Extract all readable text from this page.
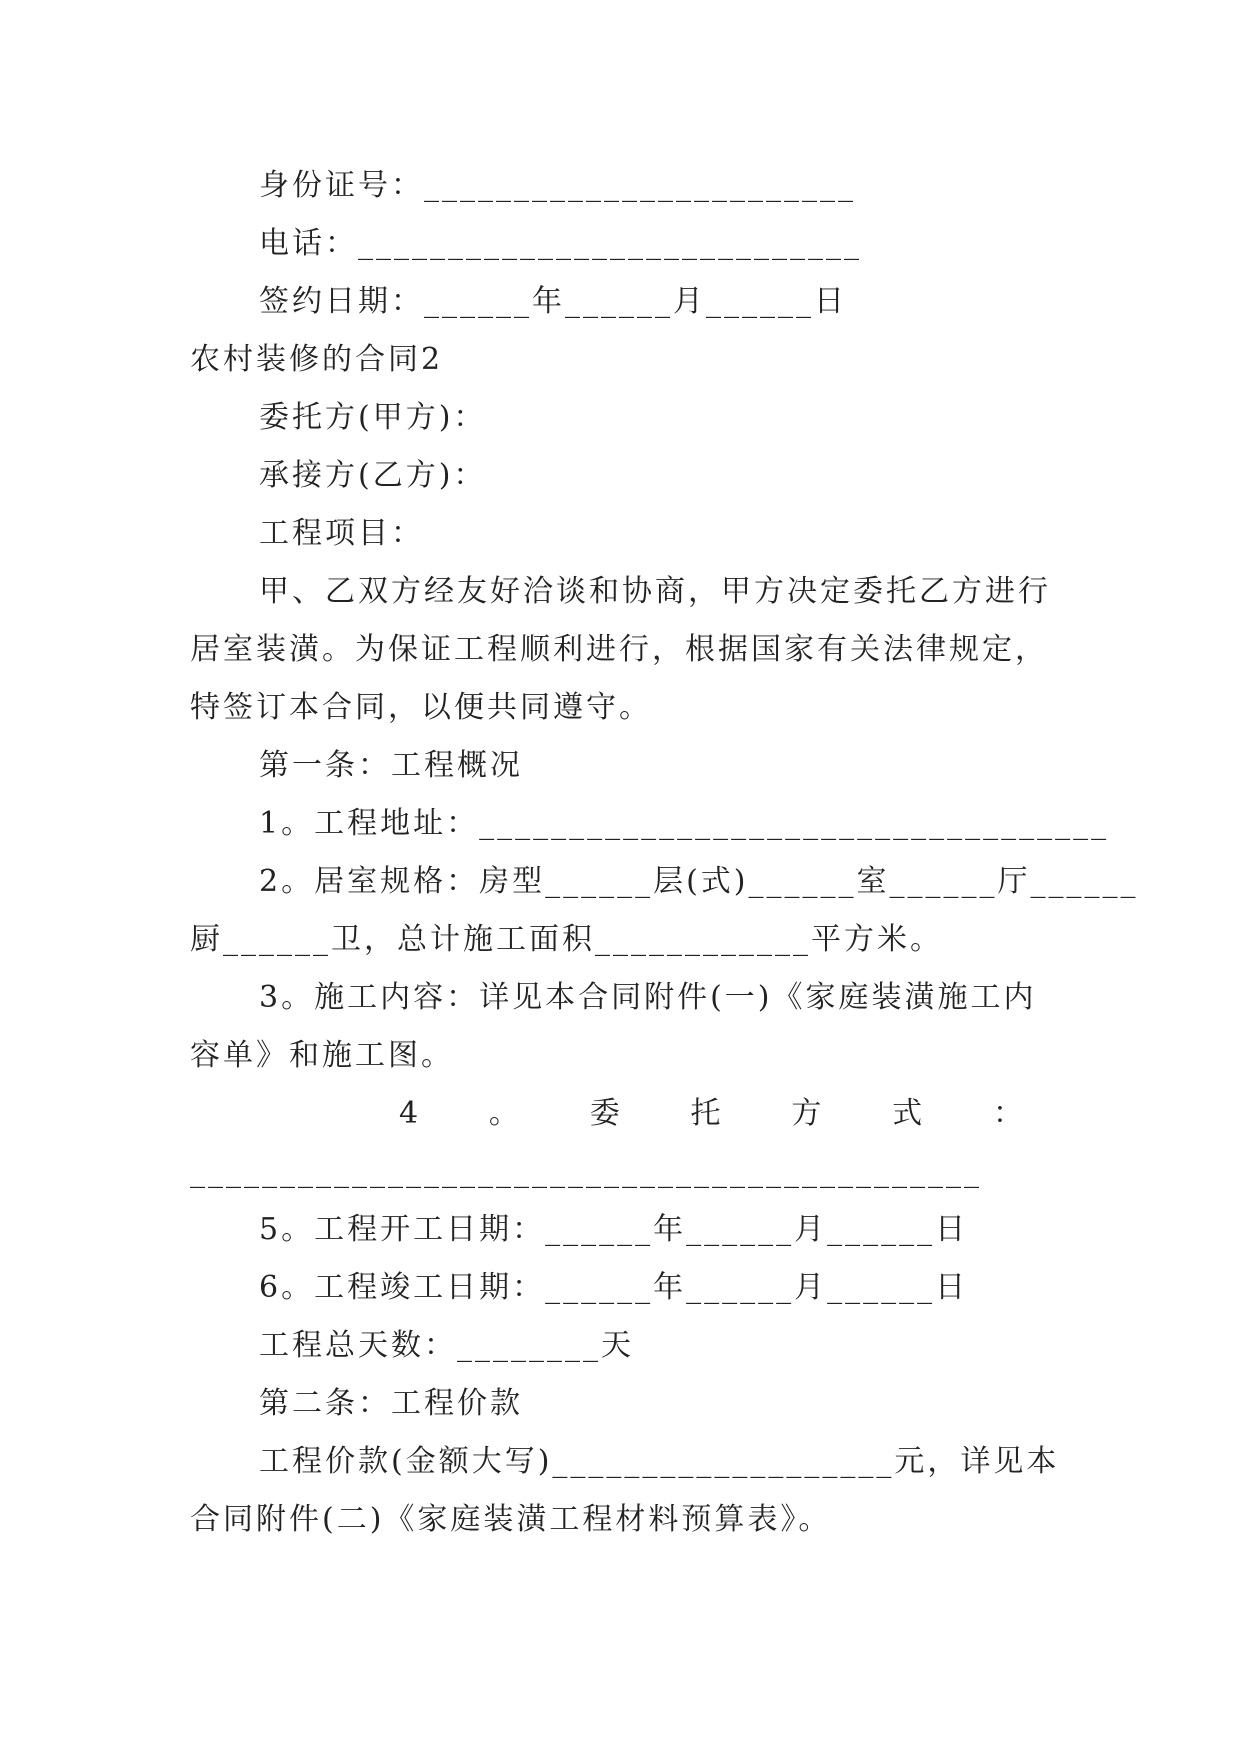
身份证号：________________________
电话：____________________________
签约日期：______年______月______日
农村装修的合同2
委托方(甲方)：
承接方(乙方)：
工程项目：
甲、乙双方经友好洽谈和协商，甲方决定委托乙方进行
居室装潢。为保证工程顺利进行，根据国家有关法律规定，
特签订本合同，以便共同遵守。
第一条：工程概况
1。工程地址：___________________________________
2。居室规格：房型______层(式)______室______厅______
厨______卫，总计施工面积____________平方米。
3。施工内容：详见本合同附件(一)《家庭装潢施工内
容单》和施工图。
4 。 委 托 方 式 ：
____________________________________________
5。工程开工日期：______年______月______日
6。工程竣工日期：______年______月______日
工程总天数：________天
第二条：工程价款
工程价款(金额大写)___________________元，详见本
合同附件(二)《家庭装潢工程材料预算表》。
